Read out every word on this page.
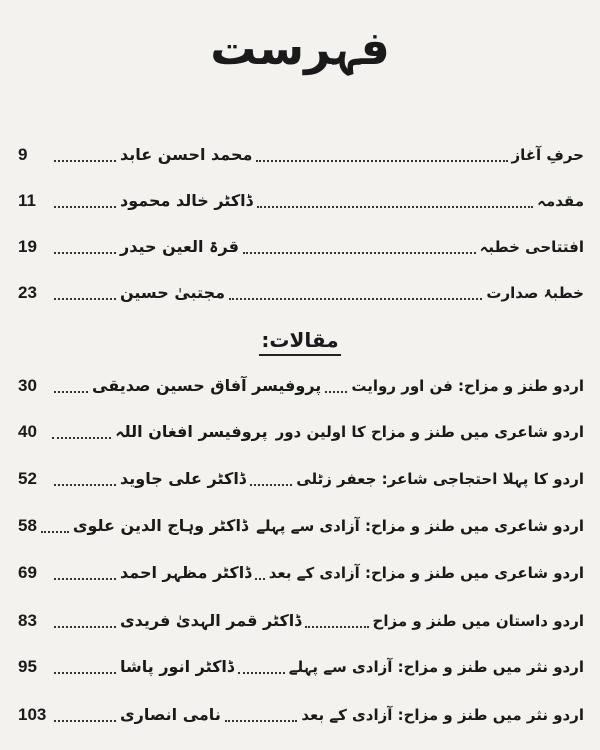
فہرست
حرفِ آغاز
محمد احسن عابد
9
مقدمہ
ڈاکٹر خالد محمود
11
افتتاحی خطبہ
قرۃ العین حیدر
19
خطبۂ صدارت
مجتبیٰ حسین
23
مقالات:
اردو طنز و مزاح: فن اور روایت
پروفیسر آفاق حسین صدیقی
30
اردو شاعری میں طنز و مزاح کا اولین دور
پروفیسر افغان اللہ
40
اردو کا پہلا احتجاجی شاعر: جعفر زٹلی
ڈاکٹر علی جاوید
52
اردو شاعری میں طنز و مزاح: آزادی سے پہلے
ڈاکٹر وہاج الدین علوی
58
اردو شاعری میں طنز و مزاح: آزادی کے بعد
ڈاکٹر مظہر احمد
69
اردو داستان میں طنز و مزاح
ڈاکٹر قمر الہدیٰ فریدی
83
اردو نثر میں طنز و مزاح: آزادی سے پہلے
ڈاکٹر انور پاشا
95
اردو نثر میں طنز و مزاح: آزادی کے بعد
نامی انصاری
103
